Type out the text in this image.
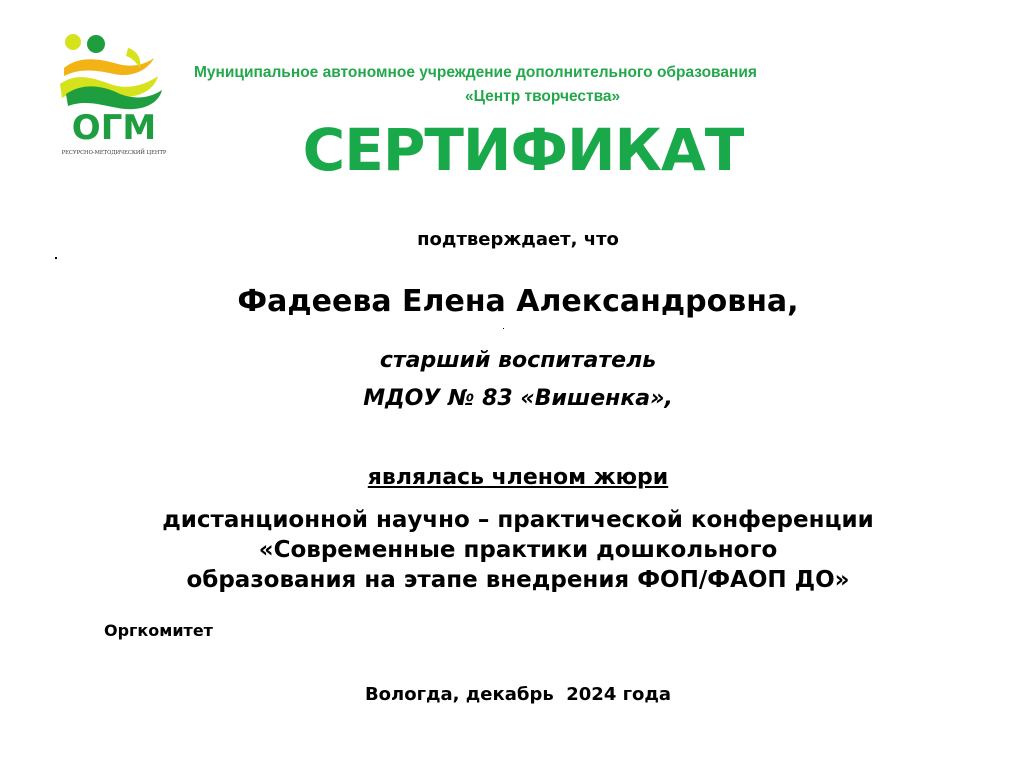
ОГМ
РЕСУРСНО-МЕТОДИЧЕСКИЙ ЦЕНТР
Муниципальное автономное учреждение дополнительного образования
«Центр творчества»
СЕРТИФИКАТ
подтверждает, что
Фадеева Елена Александровна,
старший воспитатель
МДОУ № 83 «Вишенка»,
являлась членом жюри
дистанционной научно – практической конференции
«Современные практики дошкольного
образования на этапе внедрения ФОП/ФАОП ДО»
Оргкомитет
Вологда, декабрь  2024 года
